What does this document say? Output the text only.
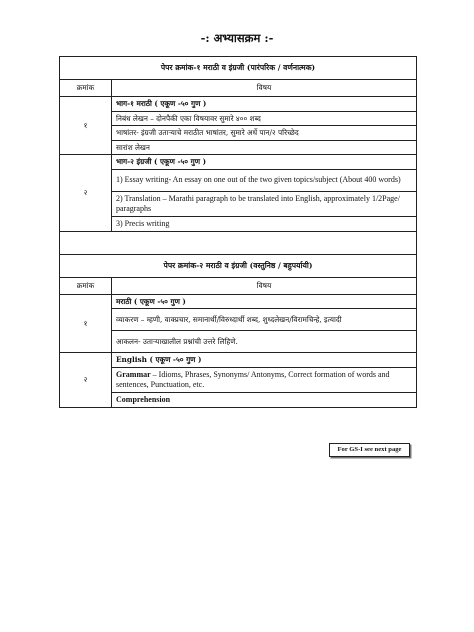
-: अभ्यासक्रम :-
पेपर क्रमांक-१ मराठी व इंग्रजी (पारंपरिक / वर्णनात्मक)	
क्रमांक	विषय
१	भाग-१ मराठी ( एकूण -५० गुण )
	निबंध लेखन – दोनपैकी एका विषयावर सुमारे ४०० शब्द
	भाषांतर- इंग्रजी उताऱ्याचे मराठीत भाषांतर, सुमारे अर्धे पान/२ परिच्छेद
	सारांश लेखन
२	भाग-२ इंग्रजी ( एकूण -५० गुण )
	1) Essay writing- An essay on one out of the two given topics/subject (About 400 words)
	2) Translation – Marathi paragraph to be translated into English, approximately 1/2Page/ paragraphs
	3) Precis writing

पेपर क्रमांक-२ मराठी व इंग्रजी (वस्तुनिष्ठ / बहुपर्यायी)	
क्रमांक	विषय
१	मराठी ( एकूण -५० गुण )
	व्याकरण – म्हणी, वाक्प्रचार, समानार्थी/विरुध्दार्थी शब्द, शुध्दलेखन/विरामचिन्हे, इत्यादी
	आकलन- उताऱ्याखालील प्रश्नांची उत्तरे लिहिणे.
२	English ( एकूण -५० गुण )
	Grammar – Idioms, Phrases, Synonyms/ Antonyms, Correct formation of words and sentences, Punctuation, etc.
	Comprehension
For GS-I see next page
